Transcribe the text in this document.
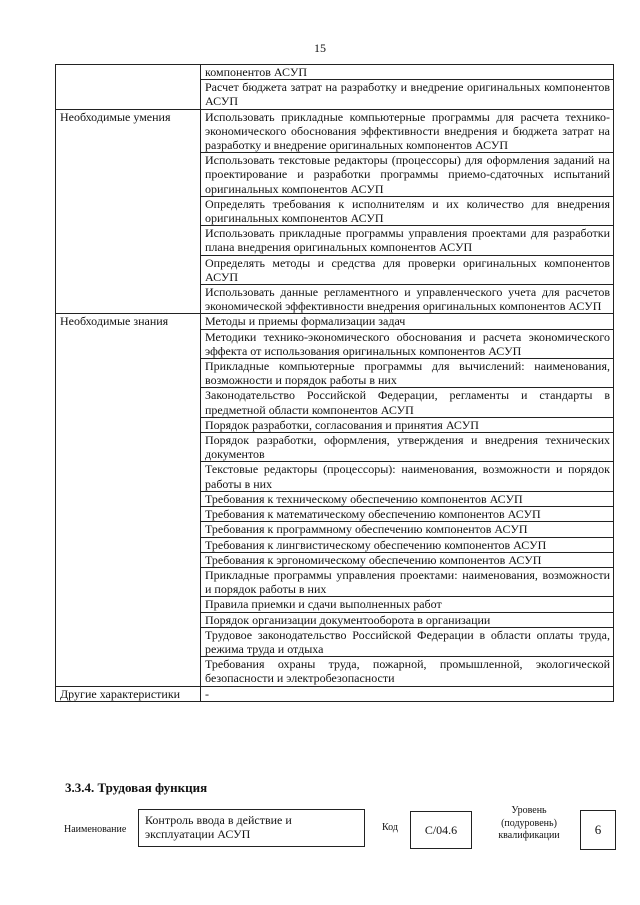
15
	компонентов АСУП
	Расчет бюджета затрат на разработку и внедрение оригинальных компонентов АСУП
Необходимые умения	Использовать прикладные компьютерные программы для расчета технико-экономического обоснования эффективности внедрения и бюджета затрат на разработку и внедрение оригинальных компонентов АСУП
	Использовать текстовые редакторы (процессоры) для оформления заданий на проектирование и разработки программы приемо-сдаточных испытаний оригинальных компонентов АСУП
	Определять требования к исполнителям и их количество для внедрения оригинальных компонентов АСУП
	Использовать прикладные программы управления проектами для разработки плана внедрения оригинальных компонентов АСУП
	Определять методы и средства для проверки оригинальных компонентов АСУП
	Использовать данные регламентного и управленческого учета для расчетов экономической эффективности внедрения оригинальных компонентов АСУП
Необходимые знания	Методы и приемы формализации задач
	Методики технико-экономического обоснования и расчета экономического эффекта от использования оригинальных компонентов АСУП
	Прикладные компьютерные программы для вычислений: наименования, возможности и порядок работы в них
	Законодательство Российской Федерации, регламенты и стандарты в предметной области компонентов АСУП
	Порядок разработки, согласования и принятия АСУП
	Порядок разработки, оформления, утверждения и внедрения технических документов
	Текстовые редакторы (процессоры): наименования, возможности и порядок работы в них
	Требования к техническому обеспечению компонентов АСУП
	Требования к математическому обеспечению компонентов АСУП
	Требования к программному обеспечению компонентов АСУП
	Требования к лингвистическому обеспечению компонентов АСУП
	Требования к эргономическому обеспечению компонентов АСУП
	Прикладные программы управления проектами: наименования, возможности и порядок работы в них
	Правила приемки и сдачи выполненных работ
	Порядок организации документооборота в организации
	Трудовое законодательство Российской Федерации в области оплаты труда, режима труда и отдыха
	Требования охраны труда, пожарной, промышленной, экологической безопасности и электробезопасности
Другие характеристики	-
3.3.4. Трудовая функция
Наименование
Контроль ввода в действие и эксплуатации АСУП	Код	С/04.6
Уровень (подуровень) квалификации	6
